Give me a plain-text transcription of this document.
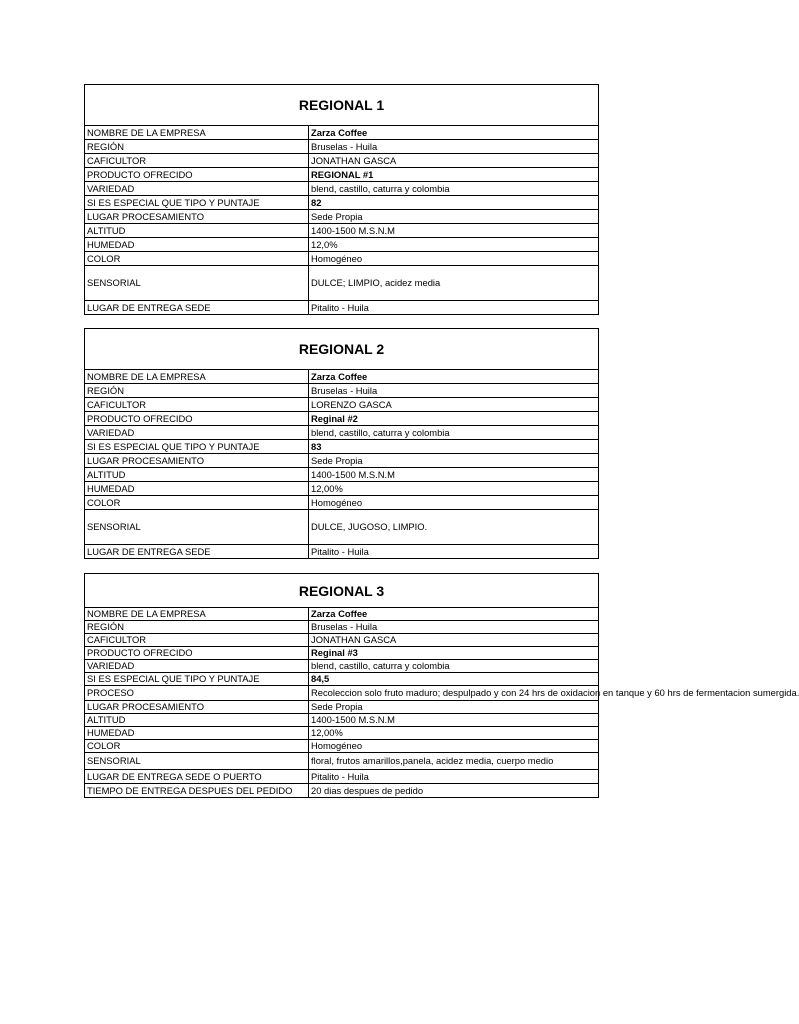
REGIONAL 1	
NOMBRE DE LA EMPRESA	Zarza Coffee
REGIÓN	Bruselas - Huila
CAFICULTOR	JONATHAN GASCA
PRODUCTO OFRECIDO	REGIONAL #1
VARIEDAD	blend, castillo, caturra y colombia
SI ES ESPECIAL QUE TIPO Y PUNTAJE	82
LUGAR PROCESAMIENTO	Sede Propia
ALTITUD	1400-1500 M.S.N.M
HUMEDAD	12,0%
COLOR	Homogéneo
SENSORIAL	DULCE; LIMPIO, acidez media
LUGAR DE ENTREGA SEDE	Pitalito - Huila
REGIONAL 2	
NOMBRE DE LA EMPRESA	Zarza Coffee
REGIÓN	Bruselas - Huila
CAFICULTOR	LORENZO GASCA
PRODUCTO OFRECIDO	Reginal #2
VARIEDAD	blend, castillo, caturra y colombia
SI ES ESPECIAL QUE TIPO Y PUNTAJE	83
LUGAR PROCESAMIENTO	Sede Propia
ALTITUD	1400-1500 M.S.N.M
HUMEDAD	12,00%
COLOR	Homogéneo
SENSORIAL	DULCE, JUGOSO, LIMPIO.
LUGAR DE ENTREGA SEDE	Pitalito - Huila
REGIONAL 3	
NOMBRE DE LA EMPRESA	Zarza Coffee
REGIÓN	Bruselas - Huila
CAFICULTOR	JONATHAN GASCA
PRODUCTO OFRECIDO	Reginal #3
VARIEDAD	blend, castillo, caturra y colombia
SI ES ESPECIAL QUE TIPO Y PUNTAJE	84,5
PROCESO	Recoleccion solo fruto maduro; despulpado y con 24 hrs de oxidacion en tanque y 60 hrs de fermentacion sumergida.
LUGAR PROCESAMIENTO	Sede Propia
ALTITUD	1400-1500 M.S.N.M
HUMEDAD	12,00%
COLOR	Homogéneo
SENSORIAL	floral, frutos amarillos,panela, acidez media, cuerpo medio
LUGAR DE ENTREGA SEDE O PUERTO	Pitalito - Huila
TIEMPO DE ENTREGA DESPUES DEL PEDIDO	20 dias despues de pedido
